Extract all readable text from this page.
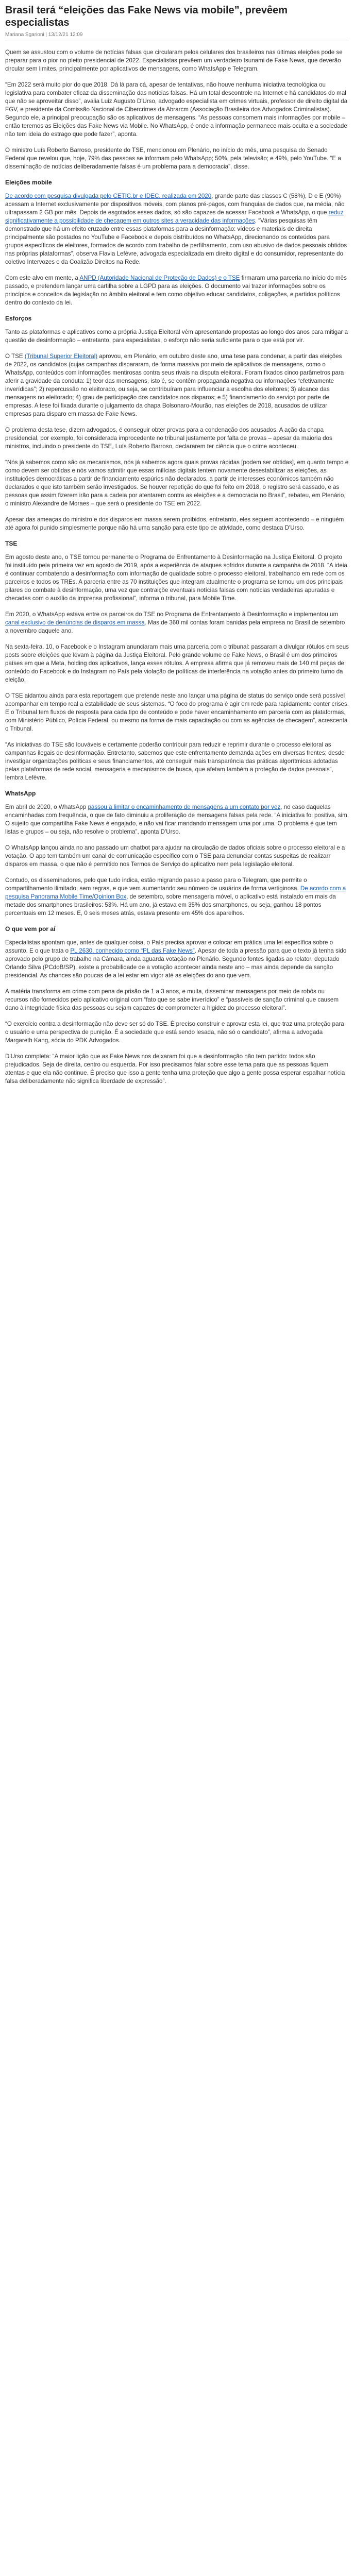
Brasil terá “eleições das Fake News via mobile”, prevêem especialistas
Mariana Sgarioni | 13/12/21 12:09

Quem se assustou com o volume de notícias falsas que circularam pelos celulares dos brasileiros nas últimas eleições pode se preparar para o pior no pleito presidencial de 2022. Especialistas prevêem um verdadeiro tsunami de Fake News, que deverão circular sem limites, principalmente por aplicativos de mensagens, como WhatsApp e Telegram.

“Em 2022 será muito pior do que 2018. Dá lá para cá, apesar de tentativas, não houve nenhuma iniciativa tecnológica ou legislativa para combater eficaz da disseminação das notícias falsas. Há um total descontrole na Internet e há candidatos do mal que não se aproveitar disso”, avalia Luiz Augusto D'Urso, advogado especialista em crimes virtuais, professor de direito digital da FGV, e presidente da Comissão Nacional de Cibercrimes da Abrarcm (Associação Brasileira dos Advogados Criminalistas). Segundo ele, a principal preocupação são os aplicativos de mensagens. “As pessoas consomem mais informações por mobile – então teremos as Eleições das Fake News via Mobile. No WhatsApp, é onde a informação permanece mais oculta e a sociedade não tem ideia do estrago que pode fazer”, aponta.

O ministro Luís Roberto Barroso, presidente do TSE, mencionou em Plenário, no início do mês, uma pesquisa do Senado Federal que revelou que, hoje, 79% das pessoas se informam pelo WhatsApp; 50%, pela televisão; e 49%, pelo YouTube. “E a disseminação de notícias deliberadamente falsas é um problema para a democracia”, disse.

Eleições mobile

De acordo com pesquisa divulgada pelo CETIC.br e IDEC, realizada em 2020, grande parte das classes C (58%), D e E (90%) acessam a Internet exclusivamente por dispositivos móveis, com planos pré-pagos, com franquias de dados que, na média, não ultrapassam 2 GB por mês. Depois de esgotados esses dados, só são capazes de acessar Facebook e WhatsApp, o que reduz significativamente a possibilidade de checagem em outros sites a veracidade das informações. “Várias pesquisas têm demonstrado que há um efeito cruzado entre essas plataformas para a desinformação: vídeos e materiais de direita principalmente são postados no YouTube e Facebook e depois distribuídos no WhatsApp, direcionando os conteúdos para grupos específicos de eleitores, formados de acordo com trabalho de perfilhamento, com uso abusivo de dados pessoais obtidos nas próprias plataformas”, observa Flavia Lefèvre, advogada especializada em direito digital e do consumidor, representante do coletivo Intervozes e da Coalizão Direitos na Rede.

Com este alvo em mente, a ANPD (Autoridade Nacional de Proteção de Dados) e o TSE firmaram uma parceria no início do mês passado, e pretendem lançar uma cartilha sobre a LGPD para as eleições. O documento vai trazer informações sobre os princípios e conceitos da legislação no âmbito eleitoral e tem como objetivo educar candidatos, coligações, e partidos políticos dentro do contexto da lei.

Esforços

Tanto as plataformas e aplicativos como a própria Justiça Eleitoral vêm apresentando propostas ao longo dos anos para mitigar a questão de desinformação – entretanto, para especialistas, o esforço não seria suficiente para o que está por vir.

O TSE (Tribunal Superior Eleitoral) aprovou, em Plenário, em outubro deste ano, uma tese para condenar, a partir das eleições de 2022, os candidatos (cujas campanhas dispararam, de forma massiva por meio de aplicativos de mensagens, como o WhatsApp, conteúdos com informações mentirosas contra seus rivais na disputa eleitoral. Foram fixados cinco parâmetros para aferir a gravidade da conduta: 1) teor das mensagens, isto é, se contêm propaganda negativa ou informações “efetivamente inverídicas”; 2) repercussão no eleitorado, ou seja, se contribuíram para influenciar a escolha dos eleitores; 3) alcance das mensagens no eleitorado; 4) grau de participação dos candidatos nos disparos; e 5) financiamento do serviço por parte de empresas. A tese foi fixada durante o julgamento da chapa Bolsonaro-Mourão, nas eleições de 2018, acusados de utilizar empresas para disparo em massa de Fake News.

O problema desta tese, dizem advogados, é conseguir obter provas para a condenação dos acusados. A ação da chapa presidencial, por exemplo, foi considerada improcedente no tribunal justamente por falta de provas – apesar da maioria dos ministros, incluindo o presidente do TSE, Luís Roberto Barroso, declararem ter ciência que o crime aconteceu.

“Nós já sabemos como são os mecanismos, nós já sabemos agora quais provas rápidas [podem ser obtidas], em quanto tempo e como devem ser obtidas e nós vamos admitir que essas milícias digitais tentem novamente desestabilizar as eleições, as instituições democráticas a partir de financiamento espúrios não declarados, a partir de interesses econômicos também não declarados e que isto também serão investigados. Se houver repetição do que foi feito em 2018, o registro será cassado, e as pessoas que assim fizerem irão para a cadeia por atentarem contra as eleições e a democracia no Brasil”, rebateu, em Plenário, o ministro Alexandre de Moraes – que será o presidente do TSE em 2022.

Apesar das ameaças do ministro e dos disparos em massa serem proibidos, entretanto, eles seguem acontecendo – e ninguém até agora foi punido simplesmente porque não há uma sanção para este tipo de atividade, como destaca D'Urso.

TSE

Em agosto deste ano, o TSE tornou permanente o Programa de Enfrentamento à Desinformação na Justiça Eleitoral. O projeto foi instituído pela primeira vez em agosto de 2019, após a experiência de ataques sofridos durante a campanha de 2018. “A ideia é continuar combatendo a desinformação com informação de qualidade sobre o processo eleitoral, trabalhando em rede com os parceiros e todos os TREs. A parceria entre as 70 instituições que integram atualmente o programa se tornou um dos principais pilares do combate à desinformação, uma vez que contraiçõe eventuais notícias falsas com notícias verdadeiras apuradas e checadas com o auxílio da imprensa profissional”, informa o tribunal, para Mobile Time.

Em 2020, o WhatsApp estava entre os parceiros do TSE no Programa de Enfrentamento à Desinformação e implementou um canal exclusivo de denúncias de disparos em massa. Mas de 360 mil contas foram banidas pela empresa no Brasil de setembro a novembro daquele ano.

Na sexta-feira, 10, o Facebook e o Instagram anunciaram mais uma parceria com o tribunal: passaram a divulgar rótulos em seus posts sobre eleições que levam à página da Justiça Eleitoral. Pelo grande volume de Fake News, o Brasil é um dos primeiros países em que a Meta, holding dos aplicativos, lança esses rótulos. A empresa afirma que já removeu mais de 140 mil peças de conteúdo do Facebook e do Instagram no País pela violação de políticas de interferência na votação antes do primeiro turno da eleição.

O TSE aidantou ainda para esta reportagem que pretende neste ano lançar uma página de status do serviço onde será possível acompanhar em tempo real a estabilidade de seus sistemas. “O foco do programa é agir em rede para rapidamente conter crises. E o Tribunal tem fluxos de resposta para cada tipo de conteúdo e pode haver encaminhamento em parceria com as plataformas, com Ministério Público, Polícia Federal, ou mesmo na forma de mais capacitação ou com as agências de checagem”, acrescenta o Tribunal.

“As iniciativas do TSE são louváveis e certamente poderão contribuir para reduzir e reprimir durante o processo eleitoral as campanhas ilegais de desinformação. Entretanto, sabemos que este enfrentamento demanda ações em diversas frentes; desde investigar organizações políticas e seus financiamentos, até conseguir mais transparência das práticas algorítmicas adotadas pelas plataformas de rede social, mensageria e mecanismos de busca, que afetam também a proteção de dados pessoais”, lembra Lefèvre.

WhatsApp

Em abril de 2020, o WhatsApp passou a limitar o encaminhamento de mensagens a um contato por vez, no caso daquelas encaminhadas com frequência, o que de fato diminuiu a proliferação de mensagens falsas pela rede. “A iniciativa foi positiva, sim. O sujeito que compartilha Fake News é engajado, e não vai ficar mandando mensagem uma por uma. O problema é que tem listas e grupos – ou seja, não resolve o problema”, aponta D'Urso.

O WhatsApp lançou ainda no ano passado um chatbot para ajudar na circulação de dados oficiais sobre o processo eleitoral e a votação. O app tem também um canal de comunicação específico com o TSE para denunciar contas suspeitas de realizarr disparos em massa, o que não é permitido nos Termos de Serviço do aplicativo nem pela legislação eleitoral.

Contudo, os disseminadores, pelo que tudo indica, estão migrando passo a passo para o Telegram, que permite o compartilhamento ilimitado, sem regras, e que vem aumentando seu número de usuários de forma vertiginosa. De acordo com a pesquisa Panorama Mobile Time/Opinion Box, de setembro, sobre mensageria móvel, o aplicativo está instalado em mais da metade dos smartphones brasileiros: 53%. Há um ano, já estava em 35% dos smartphones, ou seja, ganhou 18 pontos percentuais em 12 meses. E, 0 seis meses atrás, estava presente em 45% dos aparelhos.

O que vem por aí

Especialistas apontam que, antes de qualquer coisa, o País precisa aprovar e colocar em prática uma lei específica sobre o assunto. E o que trata o PL 2630, conhecido como “PL das Fake News”. Apesar de toda a pressão para que o texto já tenha sido aprovado pelo grupo de trabalho na Câmara, ainda aguarda votação no Plenário. Segundo fontes ligadas ao relator, deputado Orlando Silva (PCdoB/SP), existe a probabilidade de a votação acontecer ainda neste ano – mas ainda depende da sanção presidencial. As chances são poucas de a lei estar em vigor até as eleições do ano que vem.

A matéria transforma em crime com pena de prisão de 1 a 3 anos, e multa, disseminar mensagens por meio de robôs ou recursos não fornecidos pelo aplicativo original com “fato que se sabe inverídico” e “passíveis de sanção criminal que causem dano à integridade física das pessoas ou sejam capazes de comprometer a higidez do processo eleitoral”.

“O exercício contra a desinformação não deve ser só do TSE. É preciso construir e aprovar esta lei, que traz uma proteção para o usuário e uma perspectiva de punição. É a sociedade que está sendo lesada, não só o candidato”, afirma a advogada Margareth Kang, sócia do PDK Advogados.

D'Urso completa: “A maior lição que as Fake News nos deixaram foi que a desinformação não tem partido: todos são prejudicados. Seja de direita, centro ou esquerda. Por isso precisamos falar sobre esse tema para que as pessoas fiquem atentas e que ela não continue. É preciso que isso a gente tenha uma proteção que algo a gente possa esperar espalhar notícia falsa deliberadamente não significa liberdade de expressão”.
